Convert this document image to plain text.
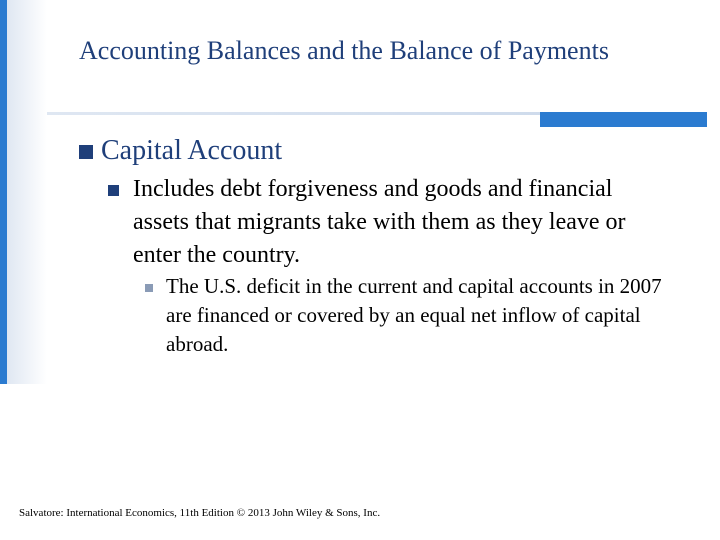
Accounting Balances and the Balance of Payments
Capital Account
Includes debt forgiveness and goods and financial assets that migrants take with them as they leave or enter the country.
The U.S. deficit in the current and capital accounts in 2007 are financed or covered by an equal net inflow of capital abroad.
Salvatore: International Economics, 11th Edition © 2013 John Wiley & Sons, Inc.
